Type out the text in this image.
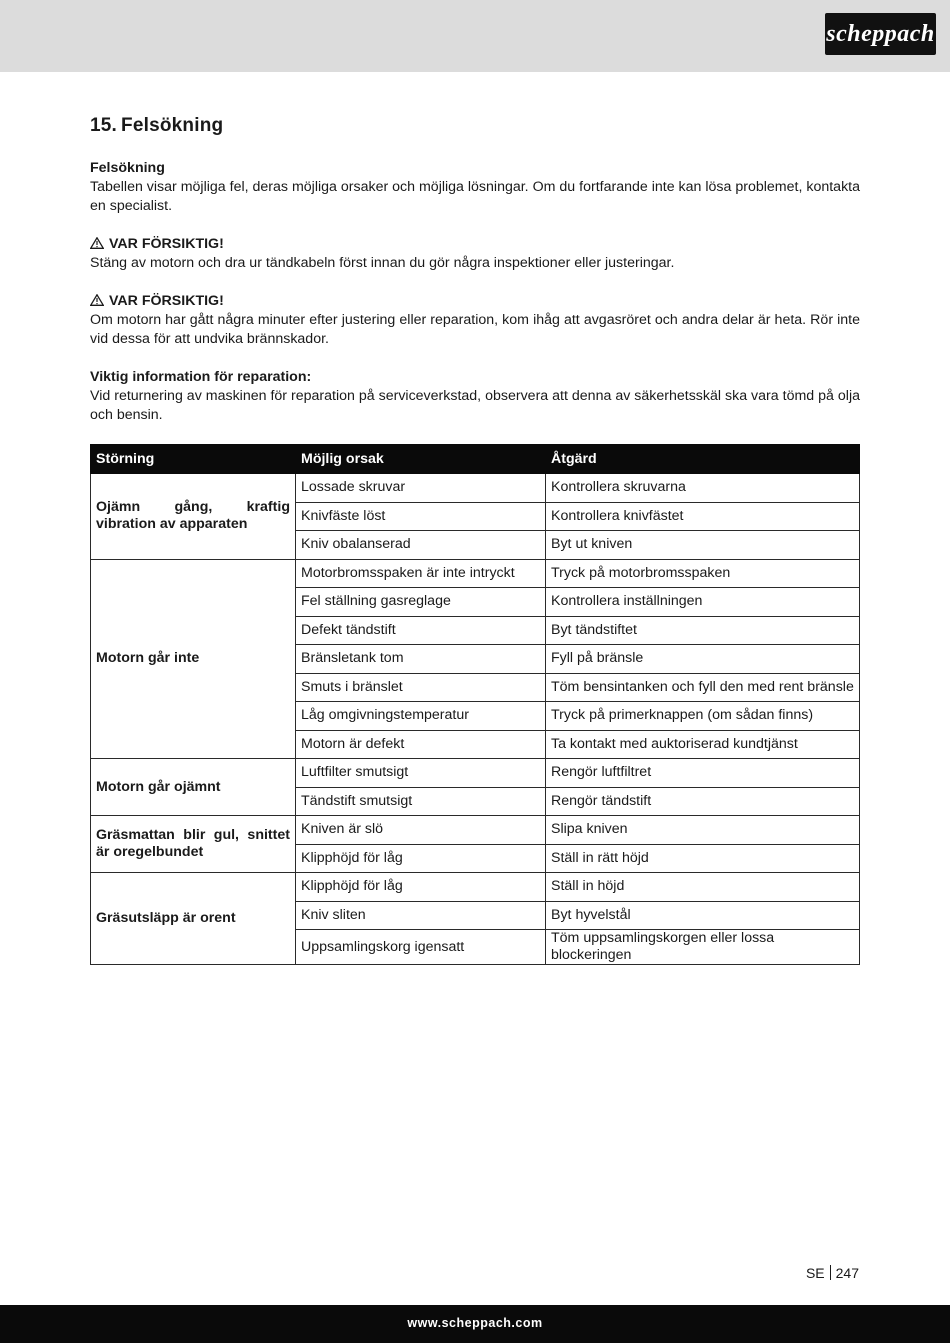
scheppach
15. Felsökning
Felsökning
Tabellen visar möjliga fel, deras möjliga orsaker och möjliga lösningar. Om du fortfarande inte kan lösa problemet, kontakta en specialist.
VAR FÖRSIKTIG!
Stäng av motorn och dra ur tändkabeln först innan du gör några inspektioner eller justeringar.
VAR FÖRSIKTIG!
Om motorn har gått några minuter efter justering eller reparation, kom ihåg att avgasröret och andra delar är heta. Rör inte vid dessa för att undvika brännskador.
Viktig information för reparation:
Vid returnering av maskinen för reparation på serviceverkstad, observera att denna av säkerhetsskäl ska vara tömd på olja och bensin.
Störning	Möjlig orsak	Åtgärd
Ojämn gång, kraftig vibration av apparaten	Lossade skruvar	Kontrollera skruvarna
	Knivfäste löst	Kontrollera knivfästet
	Kniv obalanserad	Byt ut kniven
Motorn går inte	Motorbromsspaken är inte intryckt	Tryck på motorbromsspaken
	Fel ställning gasreglage	Kontrollera inställningen
	Defekt tändstift	Byt tändstiftet
	Bränsletank tom	Fyll på bränsle
	Smuts i bränslet	Töm bensintanken och fyll den med rent bränsle
	Låg omgivningstemperatur	Tryck på primerknappen (om sådan finns)
	Motorn är defekt	Ta kontakt med auktoriserad kundtjänst
Motorn går ojämnt	Luftfilter smutsigt	Rengör luftfiltret
	Tändstift smutsigt	Rengör tändstift
Gräsmattan blir gul, snittet är oregelbundet	Kniven är slö	Slipa kniven
	Klipphöjd för låg	Ställ in rätt höjd
Gräsutsläpp är orent	Klipphöjd för låg	Ställ in höjd
	Kniv sliten	Byt hyvelstål
	Uppsamlingskorg igensatt	Töm uppsamlingskorgen eller lossa blockeringen
SE 247
www.scheppach.com
